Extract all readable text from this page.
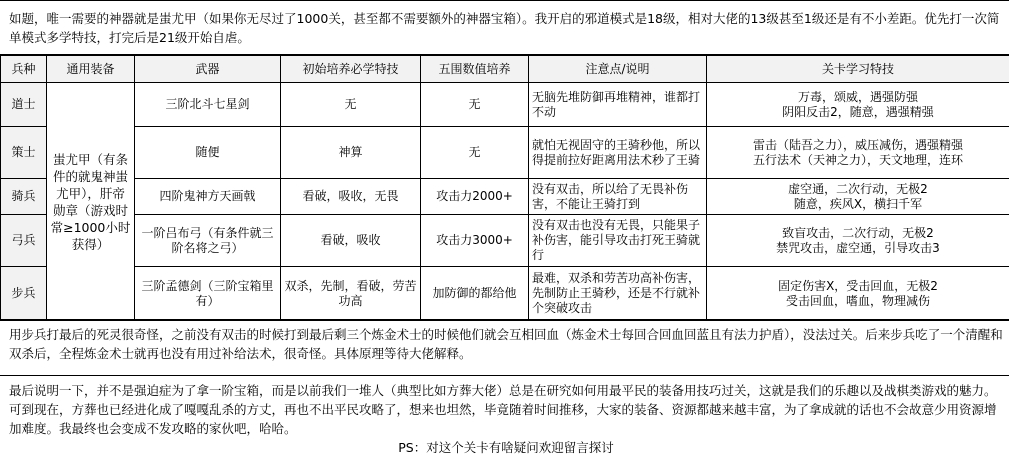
如题，唯一需要的神器就是蚩尤甲（如果你无尽过了1000关，甚至都不需要额外的神器宝箱）。我开启的邪道模式是18级，相对大佬的13级甚至1级还是有不小差距。优先打一次简单模式多学特技，打完后是21级开始自虐。
兵种	通用装备	武器	初始培养必学特技	五围数值培养	注意点/说明	关卡学习特技
道士	蚩尤甲（有条件的就鬼神蚩尤甲），肝帝勋章（游戏时常≥1000小时获得）	三阶北斗七星剑	无	无	无脑先堆防御再堆精神，谁都打不动	万毒，颂威，遇强防强
阴阳反击2，随意，遇强精强
策士		随便	神算	无	就怕无视固守的王骑秒他，所以得提前拉好距离用法术秒了王骑	雷击（陆吾之力），威压减伤，遇强精强
五行法术（天神之力），天文地理，连环
骑兵		四阶鬼神方天画戟	看破，吸收，无畏	攻击力2000+	没有双击，所以给了无畏补伤害，不能让王骑打到	虚空通，二次行动，无极2
随意，疾风X，横扫千军
弓兵		一阶吕布弓（有条件就三阶名将之弓）	看破，吸收	攻击力3000+	没有双击也没有无畏，只能果子补伤害，能引导攻击打死王骑就行	致盲攻击，二次行动，无极2
禁咒攻击，虚空通，引导攻击3
步兵		三阶孟德剑（三阶宝箱里有）	双杀，先制，看破，劳苦功高	加防御的都给他	最难，双杀和劳苦功高补伤害，先制防止王骑秒，还是不行就补个突破攻击	固定伤害X，受击回血，无极2
受击回血，嗜血，物理减伤
用步兵打最后的死灵很奇怪，之前没有双击的时候打到最后剩三个炼金术士的时候他们就会互相回血（炼金术士每回合回血回蓝且有法力护盾），没法过关。后来步兵吃了一个清醒和双杀后，全程炼金术士就再也没有用过补给法术，很奇怪。具体原理等待大佬解释。
最后说明一下，并不是强迫症为了拿一阶宝箱，而是以前我们一堆人（典型比如方葬大佬）总是在研究如何用最平民的装备用技巧过关，这就是我们的乐趣以及战棋类游戏的魅力。可到现在，方葬也已经进化成了嘎嘎乱杀的方丈，再也不出平民攻略了，想来也坦然，毕竟随着时间推移，大家的装备、资源都越来越丰富，为了拿成就的话也不会故意少用资源增加难度。我最终也会变成不发攻略的家伙吧，哈哈。
PS：对这个关卡有啥疑问欢迎留言探讨
